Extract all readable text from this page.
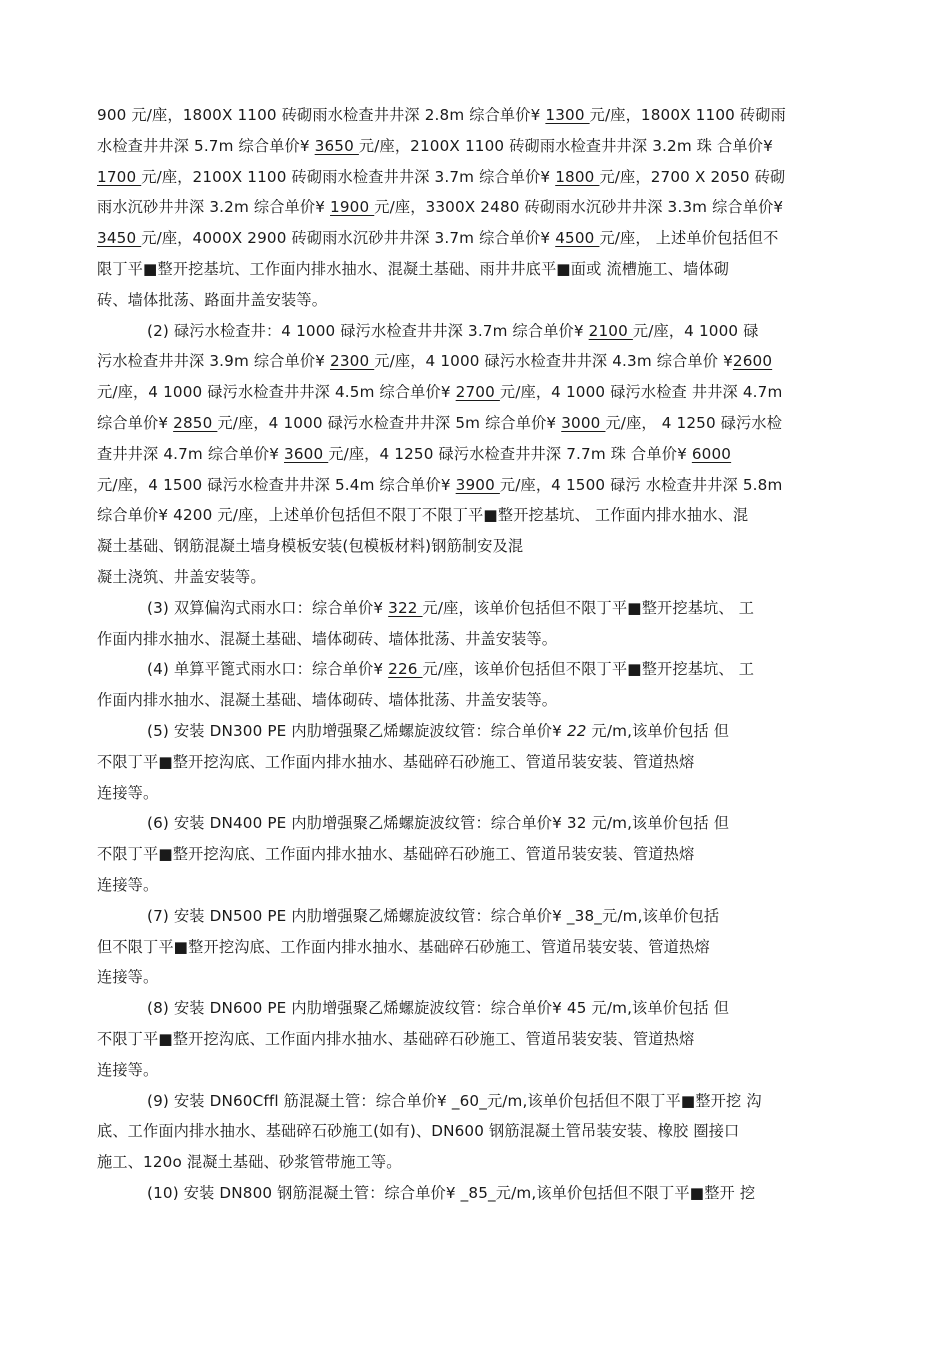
900 元/座，1800X 1100 砖砌雨水检查井井深 2.8m 综合单价¥ 1300 元/座，1800X 1100 砖砌雨
水检查井井深 5.7m 综合单价¥ 3650 元/座，2100X 1100 砖砌雨水检查井井深 3.2m 珠 合单价¥
1700 元/座，2100X 1100 砖砌雨水检查井井深 3.7m 综合单价¥ 1800 元/座，2700 X 2050 砖砌
雨水沉砂井井深 3.2m 综合单价¥ 1900 元/座，3300X 2480 砖砌雨水沉砂井井深 3.3m 综合单价¥
3450 元/座，4000X 2900 砖砌雨水沉砂井井深 3.7m 综合单价¥ 4500 元/座， 上述单价包括但不
限丁平■整开挖基坑、工作面内排水抽水、混凝土基础、雨井井底平■面或 流槽施工、墙体砌
砖、墙体批荡、路面井盖安装等。
(2) 碌污水检查井：4 1000 碌污水检查井井深 3.7m 综合单价¥ 2100 元/座，4 1000 碌
污水检查井井深 3.9m 综合单价¥ 2300 元/座，4 1000 碌污水检查井井深 4.3m 综合单价 ¥2600
元/座，4 1000 碌污水检查井井深 4.5m 综合单价¥ 2700 元/座，4 1000 碌污水检查 井井深 4.7m
综合单价¥ 2850 元/座，4 1000 碌污水检查井井深 5m 综合单价¥ 3000 元/座， 4 1250 碌污水检
查井井深 4.7m 综合单价¥ 3600 元/座，4 1250 碌污水检查井井深 7.7m 珠 合单价¥ 6000
元/座，4 1500 碌污水检查井井深 5.4m 综合单价¥ 3900 元/座，4 1500 碌污 水检查井井深 5.8m
综合单价¥ 4200 元/座，上述单价包括但不限丁不限丁平■整开挖基坑、 工作面内排水抽水、混
凝土基础、钢筋混凝土墙身模板安装(包模板材料)钢筋制安及混
凝土浇筑、井盖安装等。
(3) 双算偏沟式雨水口：综合单价¥ 322 元/座，该单价包括但不限丁平■整开挖基坑、 工
作面内排水抽水、混凝土基础、墙体砌砖、墙体批荡、井盖安装等。
(4) 单算平篦式雨水口：综合单价¥ 226 元/座，该单价包括但不限丁平■整开挖基坑、 工
作面内排水抽水、混凝土基础、墙体砌砖、墙体批荡、井盖安装等。
(5) 安装 DN300 PE 内肋增强聚乙烯螺旋波纹管：综合单价¥ 22 元/m,该单价包括 但
不限丁平■整开挖沟底、工作面内排水抽水、基础碎石砂施工、管道吊装安装、管道热熔
连接等。
(6) 安装 DN400 PE 内肋增强聚乙烯螺旋波纹管：综合单价¥ 32 元/m,该单价包括 但
不限丁平■整开挖沟底、工作面内排水抽水、基础碎石砂施工、管道吊装安装、管道热熔
连接等。
(7) 安装 DN500 PE 内肋增强聚乙烯螺旋波纹管：综合单价¥ _38_元/m,该单价包括
但不限丁平■整开挖沟底、工作面内排水抽水、基础碎石砂施工、管道吊装安装、管道热熔
连接等。
(8) 安装 DN600 PE 内肋增强聚乙烯螺旋波纹管：综合单价¥ 45 元/m,该单价包括 但
不限丁平■整开挖沟底、工作面内排水抽水、基础碎石砂施工、管道吊装安装、管道热熔
连接等。
(9) 安装 DN60Cffl 筋混凝土管：综合单价¥ _60_元/m,该单价包括但不限丁平■整开挖 沟
底、工作面内排水抽水、基础碎石砂施工(如有)、DN600 钢筋混凝土管吊装安装、橡胶 圈接口
施工、120o 混凝土基础、砂浆管带施工等。
(10) 安装 DN800 钢筋混凝土管：综合单价¥ _85_元/m,该单价包括但不限丁平■整开 挖
